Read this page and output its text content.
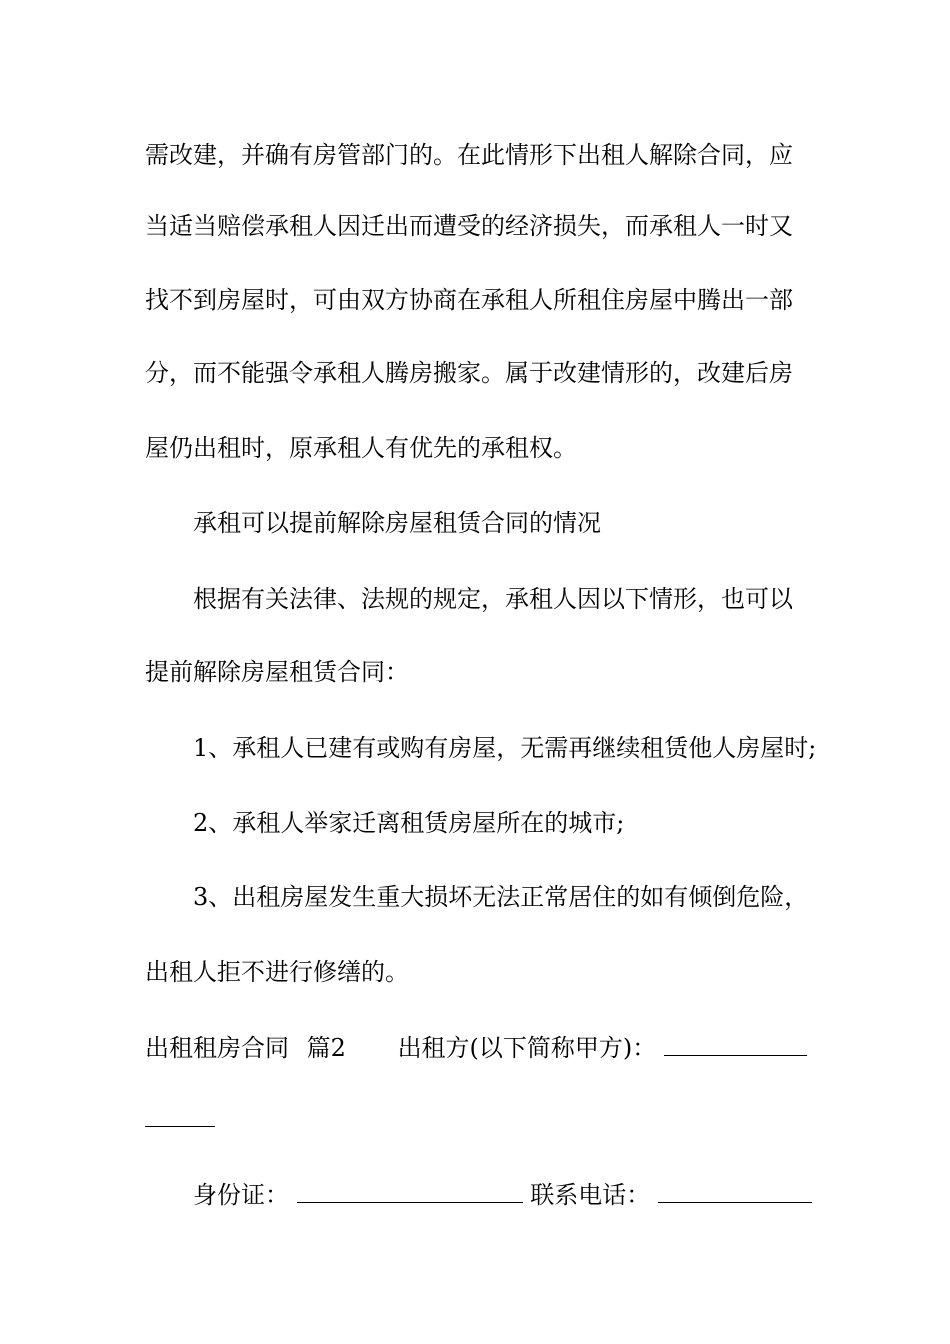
需改建，并确有房管部门的。在此情形下出租人解除合同，应
当适当赔偿承租人因迁出而遭受的经济损失，而承租人一时又
找不到房屋时，可由双方协商在承租人所租住房屋中腾出一部
分，而不能强令承租人腾房搬家。属于改建情形的，改建后房
屋仍出租时，原承租人有优先的承租权。
承租可以提前解除房屋租赁合同的情况
根据有关法律、法规的规定，承租人因以下情形，也可以
提前解除房屋租赁合同：
1、承租人已建有或购有房屋，无需再继续租赁他人房屋时;
2、承租人举家迁离租赁房屋所在的城市;
3、出租房屋发生重大损坏无法正常居住的如有倾倒危险，
出租人拒不进行修缮的。
出租租房合同 篇2 出租方(以下简称甲方)：
身份证：	联系电话：
